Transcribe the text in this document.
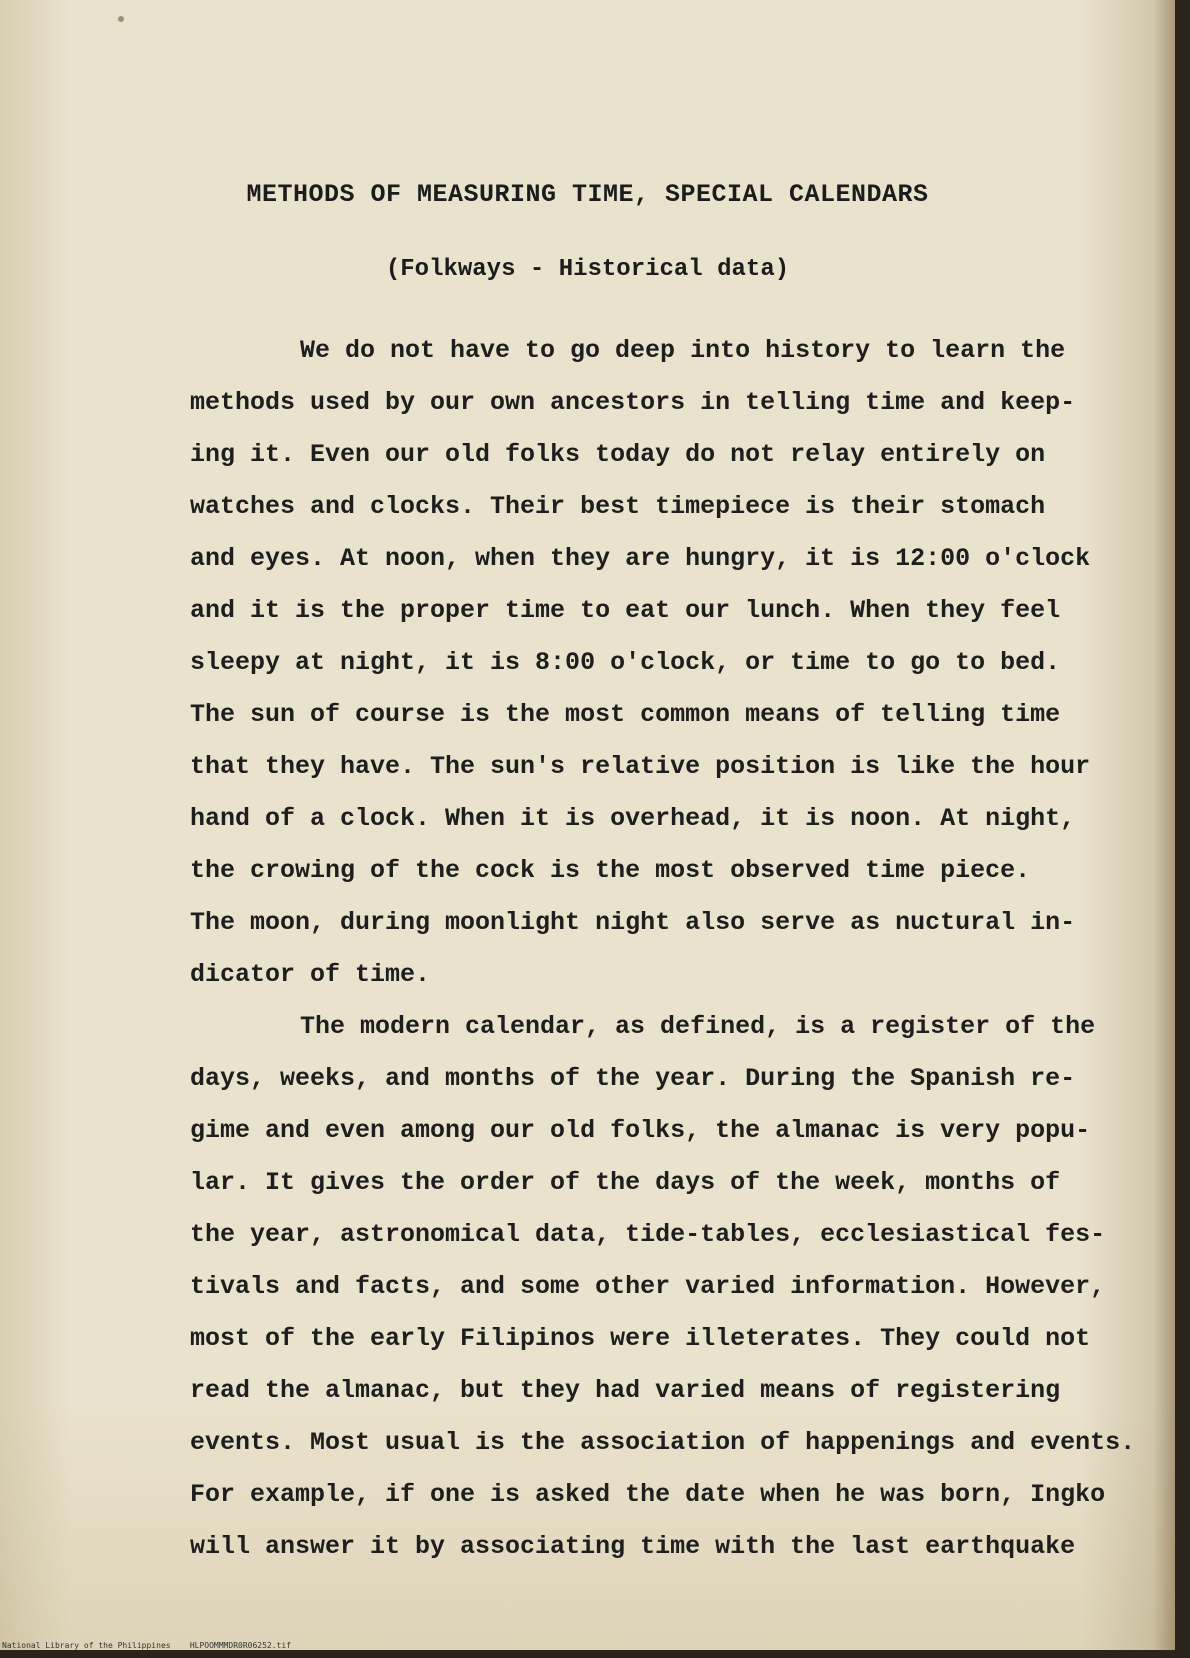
METHODS OF MEASURING TIME, SPECIAL CALENDARS
(Folkways - Historical data)
We do not have to go deep into history to learn the
methods used by our own ancestors in telling time and keep-
ing it. Even our old folks today do not relay entirely on
watches and clocks. Their best timepiece is their stomach
and eyes. At noon, when they are hungry, it is 12:00 o'clock
and it is the proper time to eat our lunch. When they feel
sleepy at night, it is 8:00 o'clock, or time to go to bed.
The sun of course is the most common means of telling time
that they have. The sun's relative position is like the hour
hand of a clock. When it is overhead, it is noon. At night,
the crowing of the cock is the most observed time piece.
The moon, during moonlight night also serve as nuctural in-
dicator of time.
The modern calendar, as defined, is a register of the
days, weeks, and months of the year. During the Spanish re-
gime and even among our old folks, the almanac is very popu-
lar. It gives the order of the days of the week, months of
the year, astronomical data, tide-tables, ecclesiastical fes-
tivals and facts, and some other varied information. However,
most of the early Filipinos were illeterates. They could not
read the almanac, but they had varied means of registering
events. Most usual is the association of happenings and events.
For example, if one is asked the date when he was born, Ingko
will answer it by associating time with the last earthquake
National Library of the Philippines HLPOOMMMDR0R06252.tif
